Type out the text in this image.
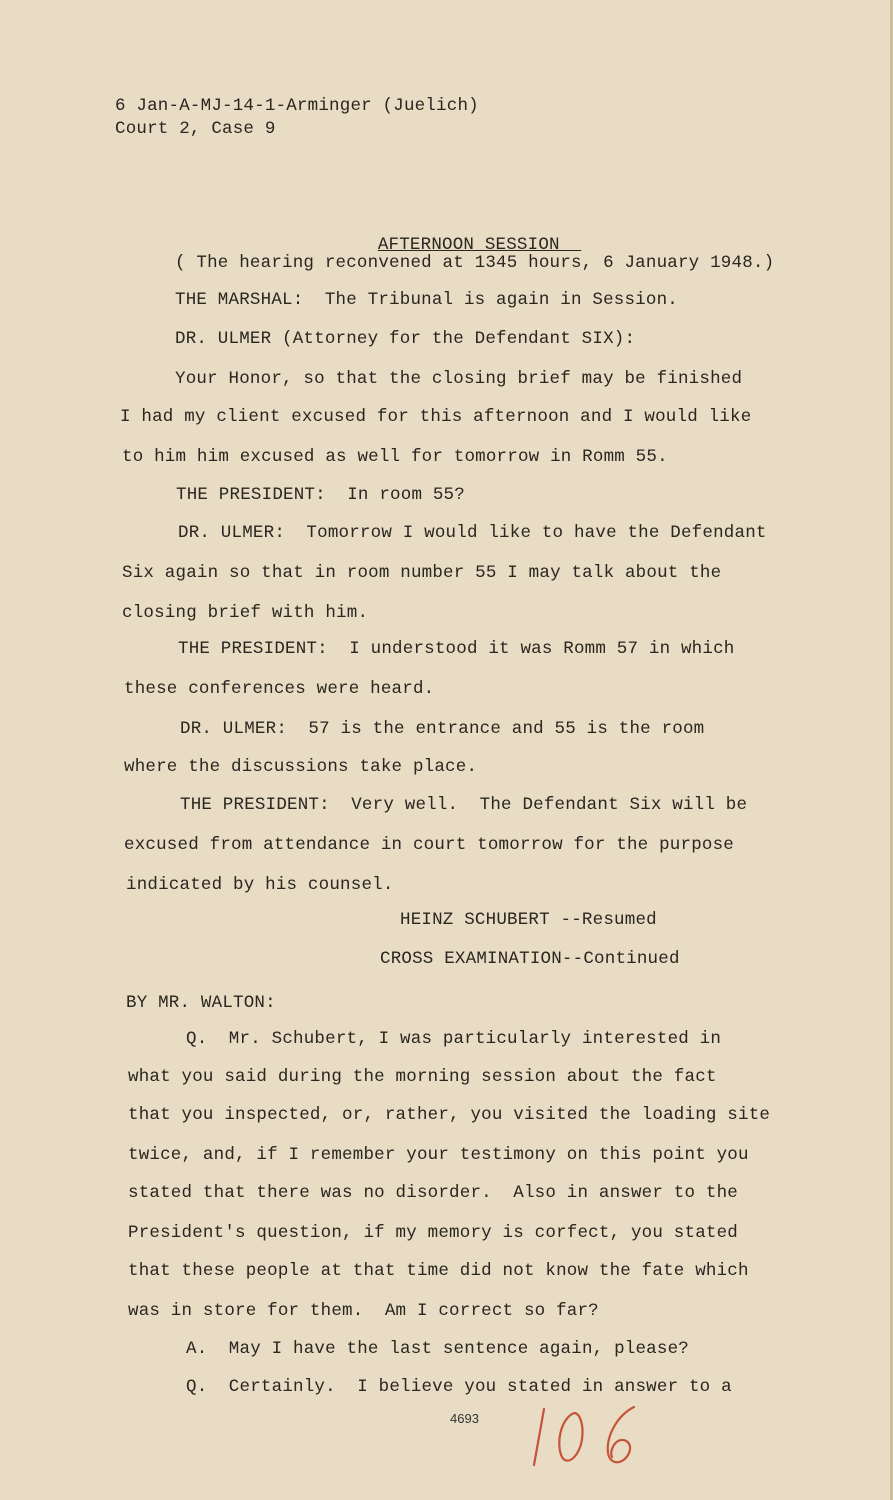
6 Jan-A-MJ-14-1-Arminger (Juelich)
Court 2, Case 9

AFTERNOON SESSION _

( The hearing reconvened at 1345 hours, 6 January 1948.)
THE MARSHAL:  The Tribunal is again in Session.
DR. ULMER (Attorney for the Defendant SIX):
Your Honor, so that the closing brief may be finished
I had my client excused for this afternoon and I would like
to him him excused as well for tomorrow in Romm 55.
THE PRESIDENT:  In room 55?
DR. ULMER:  Tomorrow I would like to have the Defendant
Six again so that in room number 55 I may talk about the
closing brief with him.
THE PRESIDENT:  I understood it was Romm 57 in which
these conferences were heard.
DR. ULMER:  57 is the entrance and 55 is the room
where the discussions take place.
THE PRESIDENT:  Very well.  The Defendant Six will be
excused from attendance in court tomorrow for the purpose
indicated by his counsel.
HEINZ SCHUBERT --Resumed
CROSS EXAMINATION--Continued
BY MR. WALTON:
Q.  Mr. Schubert, I was particularly interested in
what you said during the morning session about the fact
that you inspected, or, rather, you visited the loading site
twice, and, if I remember your testimony on this point you
stated that there was no disorder.  Also in answer to the
President's question, if my memory is corfect, you stated
that these people at that time did not know the fate which
was in store for them.  Am I correct so far?
A.  May I have the last sentence again, please?
Q.  Certainly.  I believe you stated in answer to a
4693
